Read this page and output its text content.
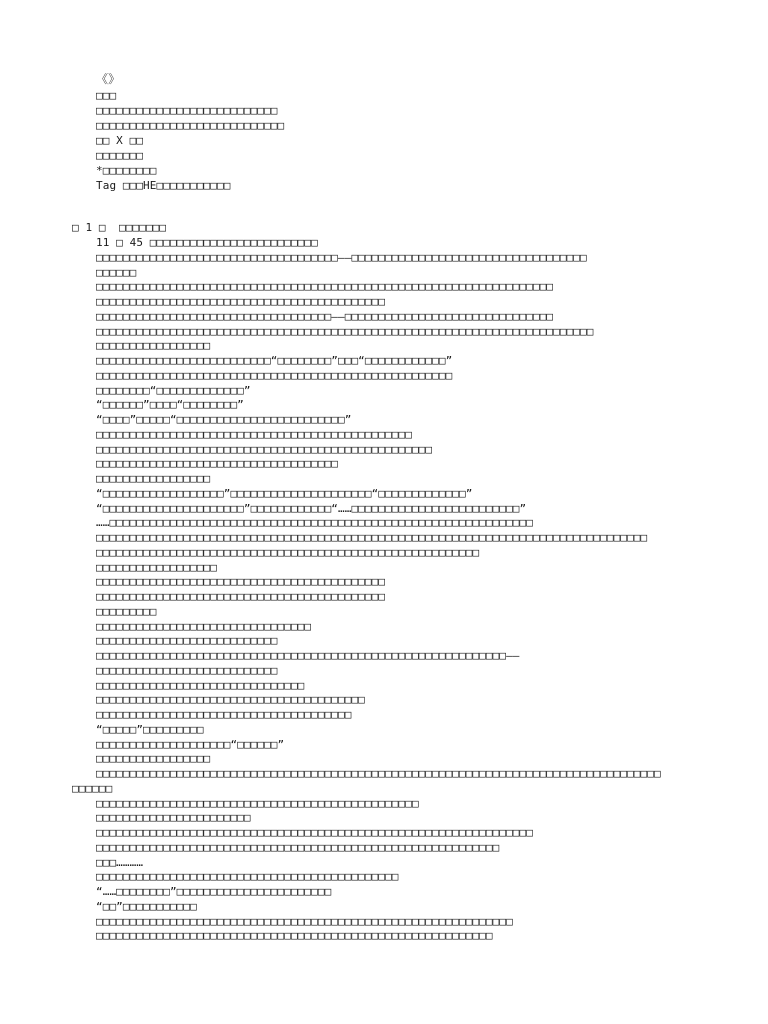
《》
□□□
□□□□□□□□□□□□□□□□□□□□□□□□□□□
□□□□□□□□□□□□□□□□□□□□□□□□□□□□
□□ X □□
□□□□□□□
*□□□□□□□□
Tag □□□HE□□□□□□□□□□□
□ 1 □  □□□□□□□
11 □ 45 □□□□□□□□□□□□□□□□□□□□□□□□□
□□□□□□□□□□□□□□□□□□□□□□□□□□□□□□□□□□□□——□□□□□□□□□□□□□□□□□□□□□□□□□□□□□□□□□□□
□□□□□□
□□□□□□□□□□□□□□□□□□□□□□□□□□□□□□□□□□□□□□□□□□□□□□□□□□□□□□□□□□□□□□□□□□□□
□□□□□□□□□□□□□□□□□□□□□□□□□□□□□□□□□□□□□□□□□□□
□□□□□□□□□□□□□□□□□□□□□□□□□□□□□□□□□□□——□□□□□□□□□□□□□□□□□□□□□□□□□□□□□□□
□□□□□□□□□□□□□□□□□□□□□□□□□□□□□□□□□□□□□□□□□□□□□□□□□□□□□□□□□□□□□□□□□□□□□□□□□□
□□□□□□□□□□□□□□□□□
□□□□□□□□□□□□□□□□□□□□□□□□□□“□□□□□□□□”□□□“□□□□□□□□□□□□”
□□□□□□□□□□□□□□□□□□□□□□□□□□□□□□□□□□□□□□□□□□□□□□□□□□□□□
□□□□□□□□“□□□□□□□□□□□□□”
“□□□□□□”□□□□“□□□□□□□□”
“□□□□”□□□□□“□□□□□□□□□□□□□□□□□□□□□□□□□”
□□□□□□□□□□□□□□□□□□□□□□□□□□□□□□□□□□□□□□□□□□□□□□□
□□□□□□□□□□□□□□□□□□□□□□□□□□□□□□□□□□□□□□□□□□□□□□□□□□
□□□□□□□□□□□□□□□□□□□□□□□□□□□□□□□□□□□□
□□□□□□□□□□□□□□□□□
“□□□□□□□□□□□□□□□□□□”□□□□□□□□□□□□□□□□□□□□□“□□□□□□□□□□□□□”
“□□□□□□□□□□□□□□□□□□□□□”□□□□□□□□□□□□“……□□□□□□□□□□□□□□□□□□□□□□□□□”
……□□□□□□□□□□□□□□□□□□□□□□□□□□□□□□□□□□□□□□□□□□□□□□□□□□□□□□□□□□□□□□□
□□□□□□□□□□□□□□□□□□□□□□□□□□□□□□□□□□□□□□□□□□□□□□□□□□□□□□□□□□□□□□□□□□□□□□□□□□□□□□□□□□
□□□□□□□□□□□□□□□□□□□□□□□□□□□□□□□□□□□□□□□□□□□□□□□□□□□□□□□□□
□□□□□□□□□□□□□□□□□□
□□□□□□□□□□□□□□□□□□□□□□□□□□□□□□□□□□□□□□□□□□□
□□□□□□□□□□□□□□□□□□□□□□□□□□□□□□□□□□□□□□□□□□□
□□□□□□□□□
□□□□□□□□□□□□□□□□□□□□□□□□□□□□□□□□
□□□□□□□□□□□□□□□□□□□□□□□□□□□
□□□□□□□□□□□□□□□□□□□□□□□□□□□□□□□□□□□□□□□□□□□□□□□□□□□□□□□□□□□□□——
□□□□□□□□□□□□□□□□□□□□□□□□□□□
□□□□□□□□□□□□□□□□□□□□□□□□□□□□□□□
□□□□□□□□□□□□□□□□□□□□□□□□□□□□□□□□□□□□□□□□
□□□□□□□□□□□□□□□□□□□□□□□□□□□□□□□□□□□□□□
“□□□□□”□□□□□□□□□
□□□□□□□□□□□□□□□□□□□□“□□□□□□”
□□□□□□□□□□□□□□□□□
□□□□□□□□□□□□□□□□□□□□□□□□□□□□□□□□□□□□□□□□□□□□□□□□□□□□□□□□□□□□□□□□□□□□□□□□□□□□□□□□□□□□
□□□□□□
□□□□□□□□□□□□□□□□□□□□□□□□□□□□□□□□□□□□□□□□□□□□□□□□
□□□□□□□□□□□□□□□□□□□□□□□
□□□□□□□□□□□□□□□□□□□□□□□□□□□□□□□□□□□□□□□□□□□□□□□□□□□□□□□□□□□□□□□□□
□□□□□□□□□□□□□□□□□□□□□□□□□□□□□□□□□□□□□□□□□□□□□□□□□□□□□□□□□□□□
□□□…………
□□□□□□□□□□□□□□□□□□□□□□□□□□□□□□□□□□□□□□□□□□□□□
“……□□□□□□□□”□□□□□□□□□□□□□□□□□□□□□□□
“□□”□□□□□□□□□□□
□□□□□□□□□□□□□□□□□□□□□□□□□□□□□□□□□□□□□□□□□□□□□□□□□□□□□□□□□□□□□□
□□□□□□□□□□□□□□□□□□□□□□□□□□□□□□□□□□□□□□□□□□□□□□□□□□□□□□□□□□□
